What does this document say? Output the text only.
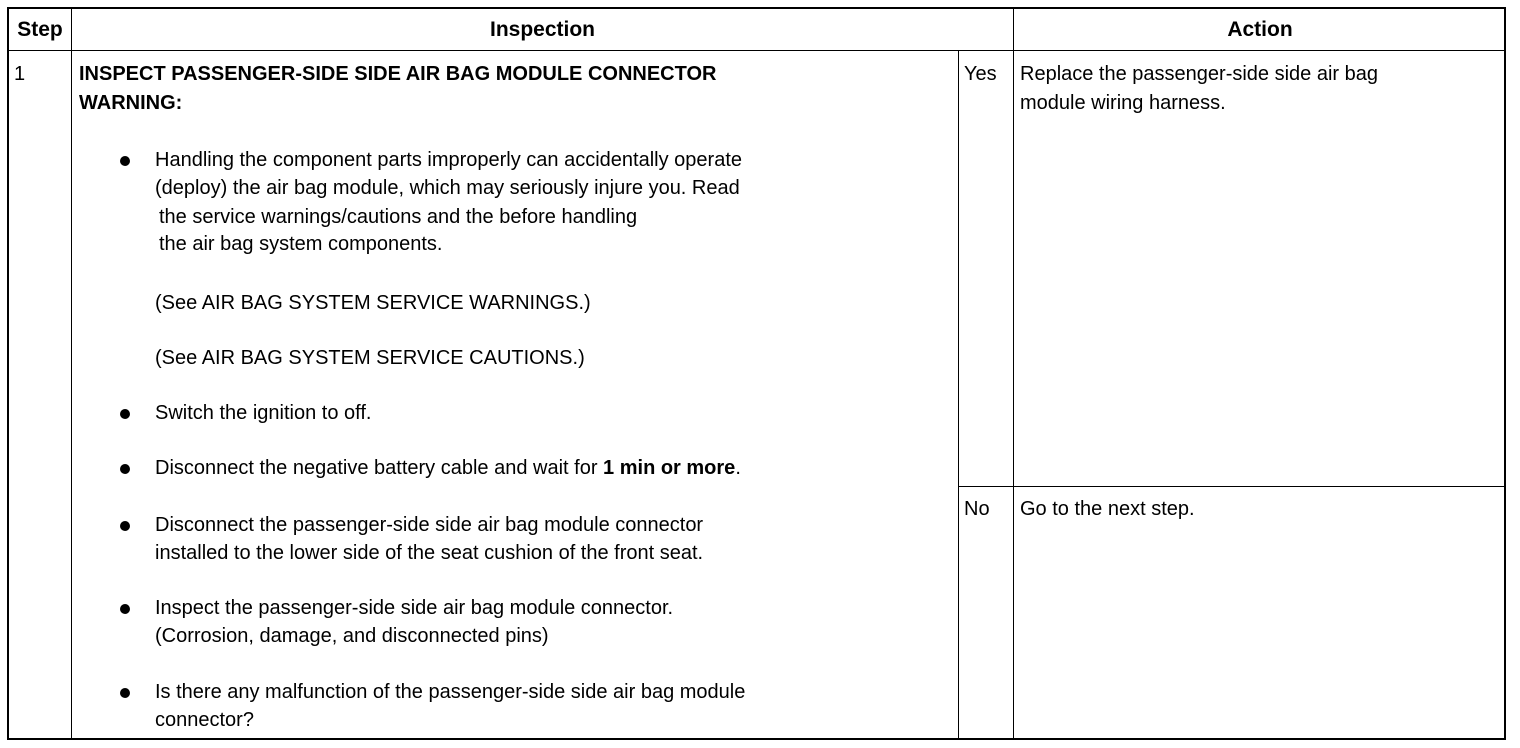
Step	Inspection	Action
1	INSPECT PASSENGER-SIDE SIDE AIR BAG MODULE CONNECTOR
WARNING:
Handling the component parts improperly can accidentally operate
(deploy) the air bag module, which may seriously injure you. Read
the service warnings/cautions and the before handling
the air bag system components.
(See AIR BAG SYSTEM SERVICE WARNINGS.)
(See AIR BAG SYSTEM SERVICE CAUTIONS.)
Switch the ignition to off.
Disconnect the negative battery cable and wait for 1 min or more.
Disconnect the passenger-side side air bag module connector
installed to the lower side of the seat cushion of the front seat.
Inspect the passenger-side side air bag module connector.
(Corrosion, damage, and disconnected pins)
Is there any malfunction of the passenger-side side air bag module
connector?
Yes Replace the passenger-side side air bag
module wiring harness.
No Go to the next step.
